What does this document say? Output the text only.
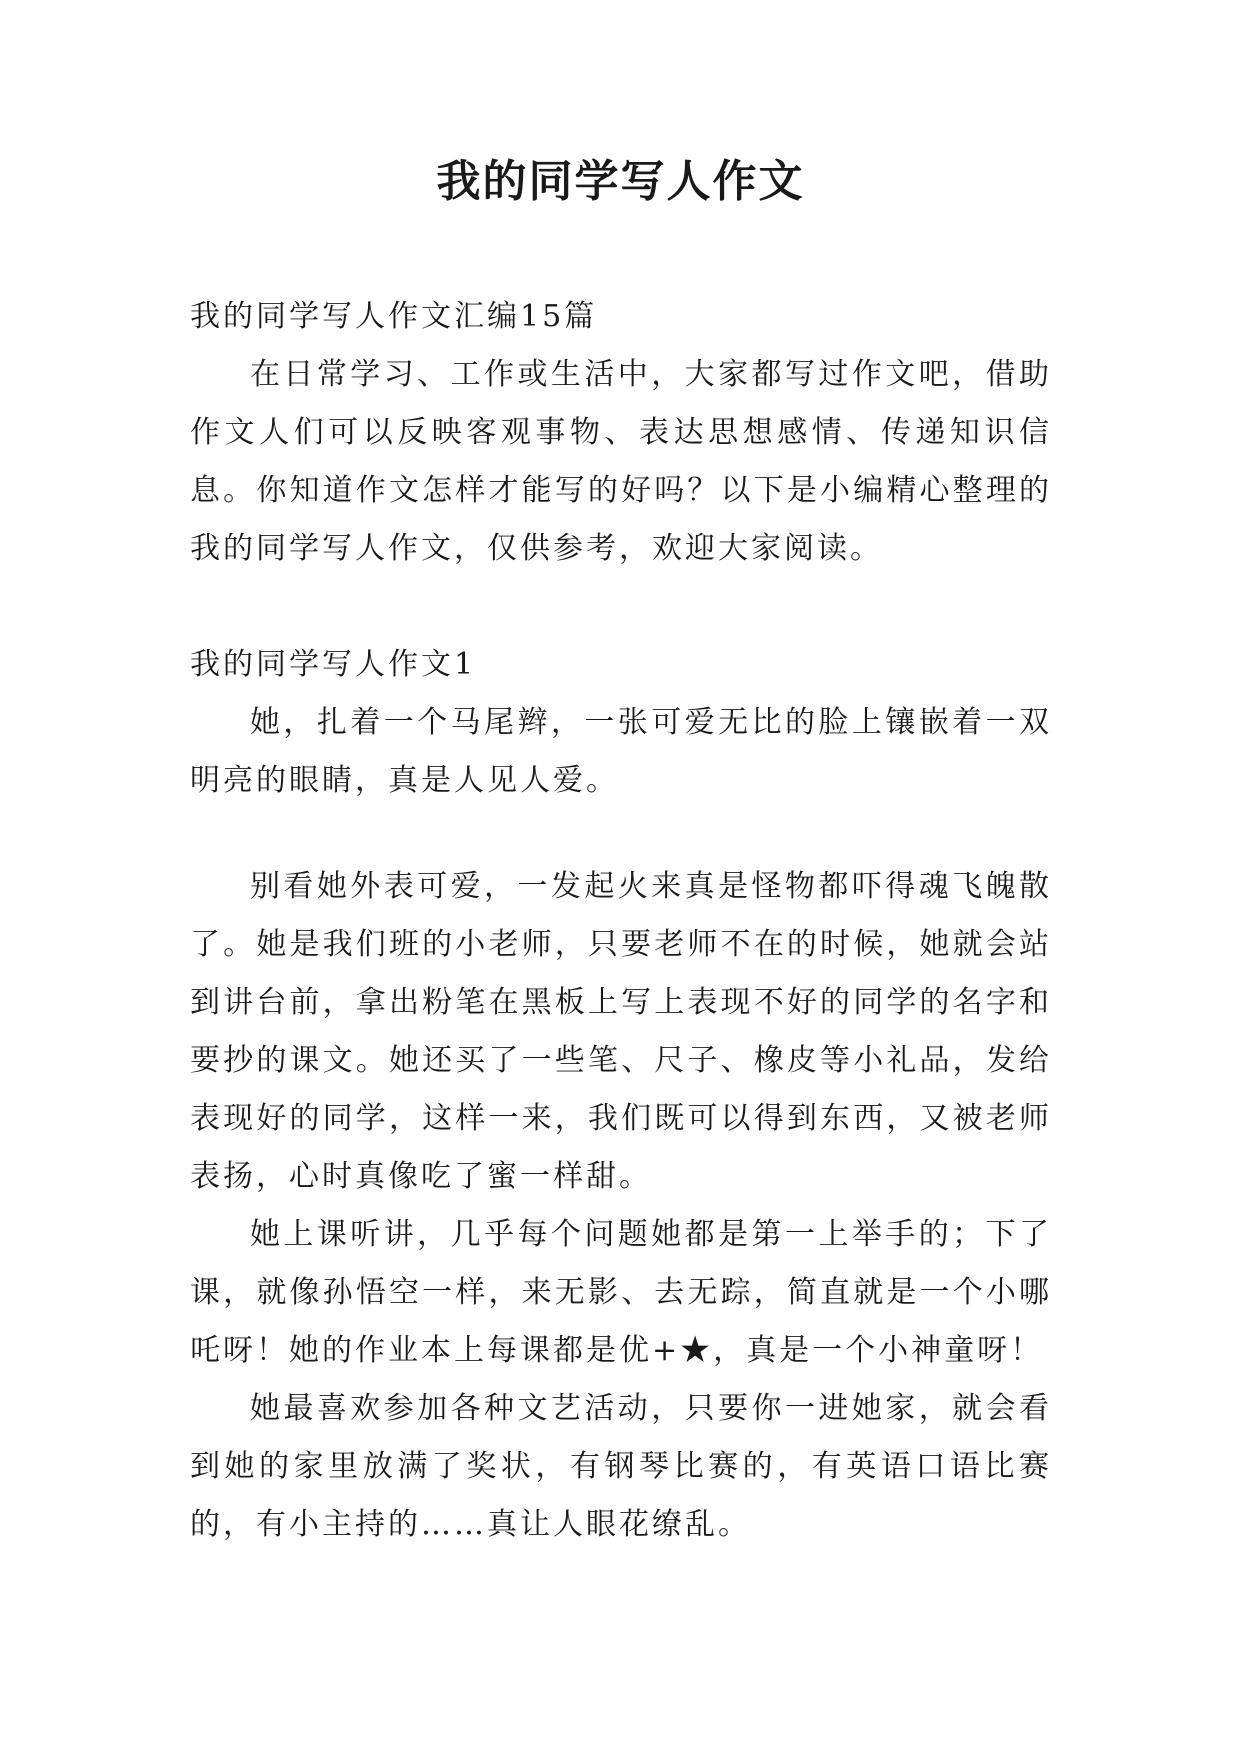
我的同学写人作文

我的同学写人作文汇编15篇

在日常学习、工作或生活中，大家都写过作文吧，借助作文人们可以反映客观事物、表达思想感情、传递知识信息。你知道作文怎样才能写的好吗？以下是小编精心整理的我的同学写人作文，仅供参考，欢迎大家阅读。

我的同学写人作文1

她，扎着一个马尾辫，一张可爱无比的脸上镶嵌着一双明亮的眼睛，真是人见人爱。

别看她外表可爱，一发起火来真是怪物都吓得魂飞魄散了。她是我们班的小老师，只要老师不在的时候，她就会站到讲台前，拿出粉笔在黑板上写上表现不好的同学的名字和要抄的课文。她还买了一些笔、尺子、橡皮等小礼品，发给表现好的同学，这样一来，我们既可以得到东西，又被老师表扬，心时真像吃了蜜一样甜。

她上课听讲，几乎每个问题她都是第一上举手的；下了课，就像孙悟空一样，来无影、去无踪，简直就是一个小哪吒呀！她的作业本上每课都是优+★，真是一个小神童呀！

她最喜欢参加各种文艺活动，只要你一进她家，就会看到她的家里放满了奖状，有钢琴比赛的，有英语口语比赛的，有小主持的……真让人眼花缭乱。
